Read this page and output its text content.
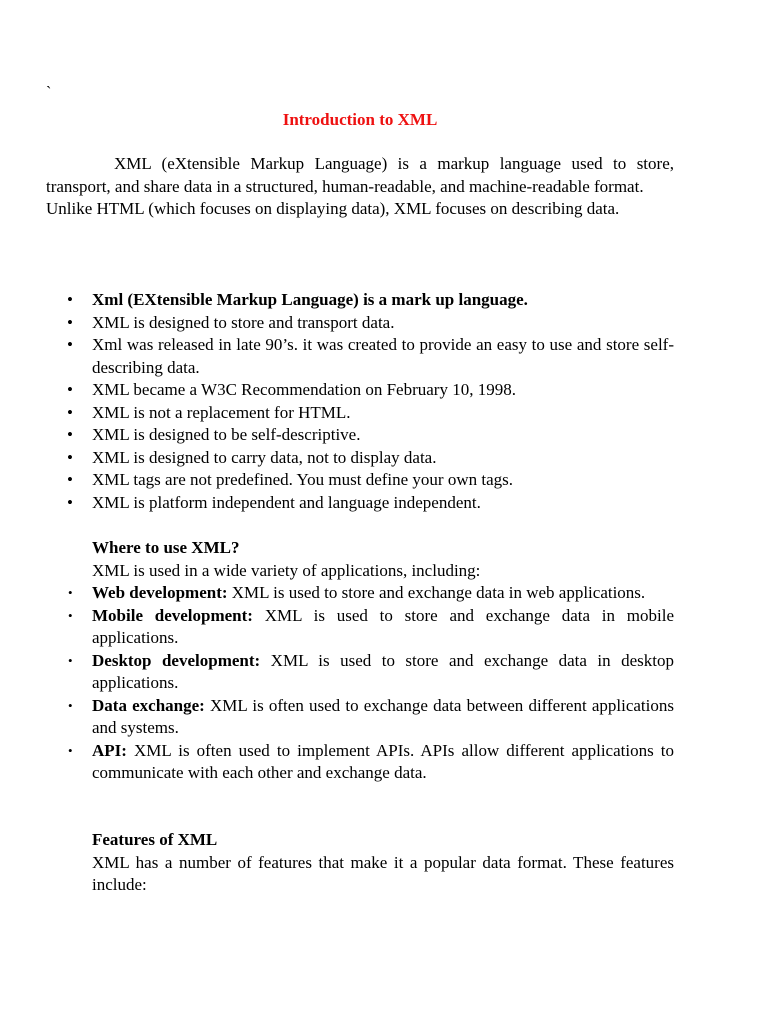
`
Introduction to XML

XML (eXtensible Markup Language) is a markup language used to store, transport, and share data in a structured, human-readable, and machine-readable format.

Unlike HTML (which focuses on displaying data), XML focuses on describing data.

• Xml (EXtensible Markup Language) is a mark up language.
• XML is designed to store and transport data.
• Xml was released in late 90’s. it was created to provide an easy to use and store self-describing data.
• XML became a W3C Recommendation on February 10, 1998.
• XML is not a replacement for HTML.
• XML is designed to be self-descriptive.
• XML is designed to carry data, not to display data.
• XML tags are not predefined. You must define your own tags.
• XML is platform independent and language independent.

Where to use XML?

XML is used in a wide variety of applications, including:

• Web development: XML is used to store and exchange data in web applications.
• Mobile development: XML is used to store and exchange data in mobile applications.
• Desktop development: XML is used to store and exchange data in desktop applications.
• Data exchange: XML is often used to exchange data between different applications and systems.
• API: XML is often used to implement APIs. APIs allow different applications to communicate with each other and exchange data.

Features of XML

XML has a number of features that make it a popular data format. These features include:
